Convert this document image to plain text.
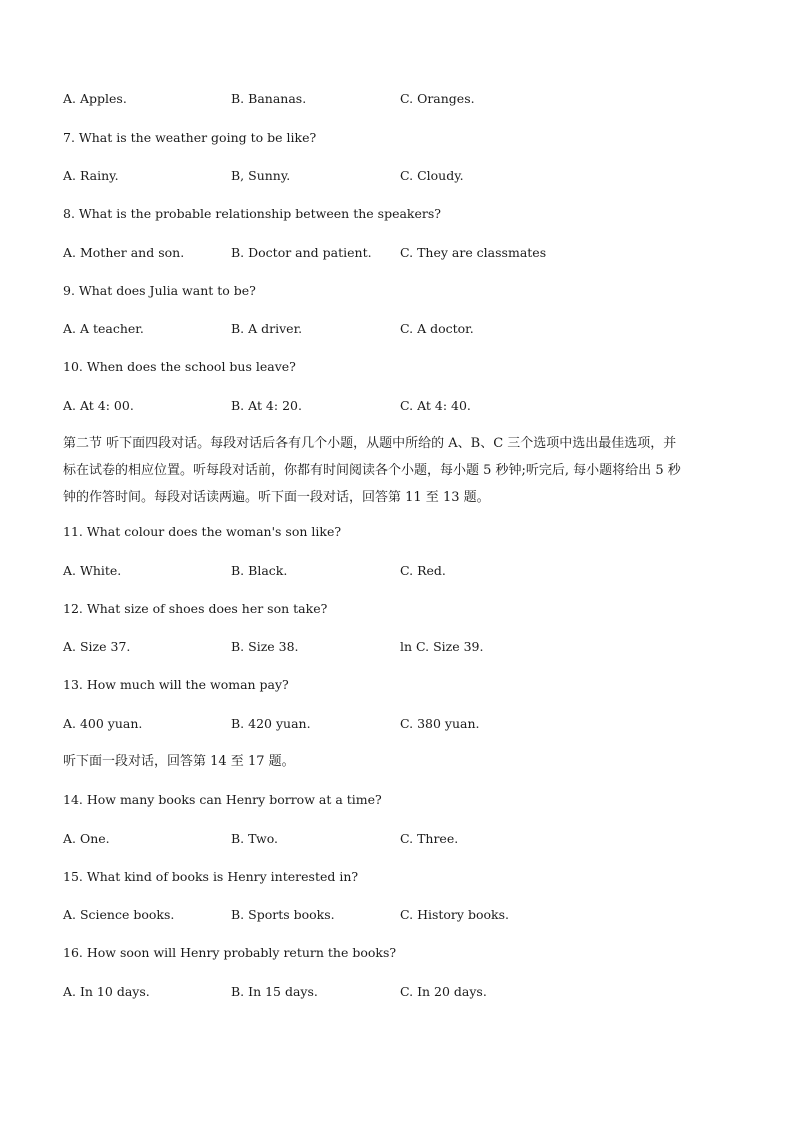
A. Apples.	B. Bananas.	C. Oranges.
7. What is the weather going to be like?
A. Rainy.	B, Sunny.	C. Cloudy.
8. What is the probable relationship between the speakers?
A. Mother and son.	B. Doctor and patient. C. They are classmates
9. What does Julia want to be?
A. A teacher.	B. A driver.	C. A doctor.
10. When does the school bus leave?
A. At 4: 00.	B. At 4: 20.	C. At 4: 40.
第二节 听下面四段对话。每段对话后各有几个小题，从题中所给的 A、B、C 三个选项中选出最佳选项，并
标在试卷的相应位置。听每段对话前，你都有时间阅读各个小题，每小题 5 秒钟;听完后, 每小题将给出 5 秒
钟的作答时间。每段对话读两遍。听下面一段对话，回答第 11 至 13 题。
11. What colour does the woman's son like?
A. White.	B. Black.	C. Red.
12. What size of shoes does her son take?
A. Size 37.	B. Size 38.	ln C. Size 39.
13. How much will the woman pay?
A. 400 yuan.	B. 420 yuan.	C. 380 yuan.
听下面一段对话，回答第 14 至 17 题。
14. How many books can Henry borrow at a time?
A. One.	B. Two.	C. Three.
15. What kind of books is Henry interested in?
A. Science books.	B. Sports books.	C. History books.
16. How soon will Henry probably return the books?
A. In 10 days.	B. In 15 days.	C. In 20 days.
